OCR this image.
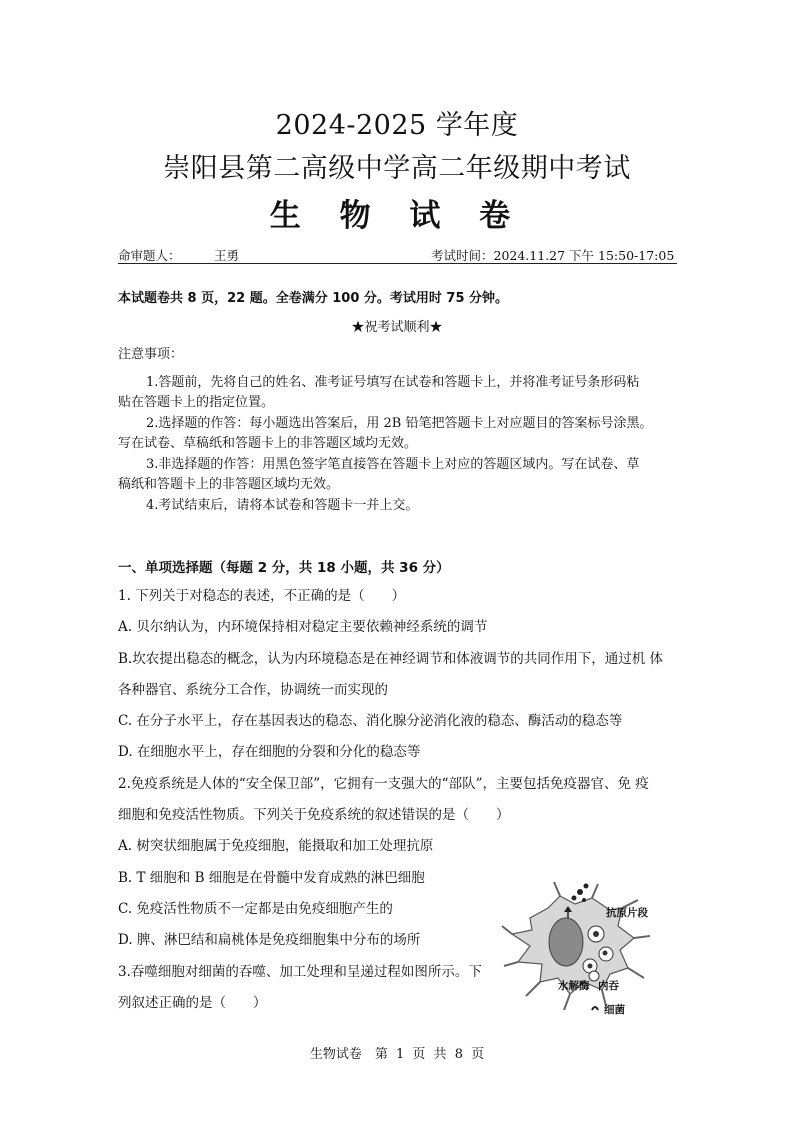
2024-2025 学年度
崇阳县第二高级中学高二年级期中考试
生 物 试 卷
命审题人：	王勇	考试时间：2024.11.27 下午 15:50-17:05
本试题卷共 8 页，22 题。全卷满分 100 分。考试用时 75 分钟。
★祝考试顺利★
注意事项：
1.答题前，先将自己的姓名、准考证号填写在试卷和答题卡上，并将准考证号条形码粘
贴在答题卡上的指定位置。
2.选择题的作答：每小题选出答案后，用 2B 铅笔把答题卡上对应题目的答案标号涂黑。
写在试卷、草稿纸和答题卡上的非答题区域均无效。
3.非选择题的作答：用黑色签字笔直接答在答题卡上对应的答题区域内。写在试卷、草
稿纸和答题卡上的非答题区域均无效。
4.考试结束后，请将本试卷和答题卡一并上交。
一、单项选择题（每题 2 分，共 18 小题，共 36 分）
1. 下列关于对稳态的表述，不正确的是（　　）
A. 贝尔纳认为，内环境保持相对稳定主要依赖神经系统的调节
B.坎农提出稳态的概念，认为内环境稳态是在神经调节和体液调节的共同作用下，通过机 体
各种器官、系统分工合作，协调统一而实现的
C. 在分子水平上，存在基因表达的稳态、消化腺分泌消化液的稳态、酶活动的稳态等
D. 在细胞水平上，存在细胞的分裂和分化的稳态等
2.免疫系统是人体的“安全保卫部”，它拥有一支强大的“部队”，主要包括免疫器官、免 疫
细胞和免疫活性物质。下列关于免疫系统的叙述错误的是（　　）
A. 树突状细胞属于免疫细胞，能摄取和加工处理抗原
B. T 细胞和 B 细胞是在骨髓中发育成熟的淋巴细胞
C. 免疫活性物质不一定都是由免疫细胞产生的
D. 脾、淋巴结和扁桃体是免疫细胞集中分布的场所
3.吞噬细胞对细菌的吞噬、加工处理和呈递过程如图所示。下
列叙述正确的是（　　）
抗原片段
水解酶 内吞
细菌
生物试卷　第 1 页 共 8 页
